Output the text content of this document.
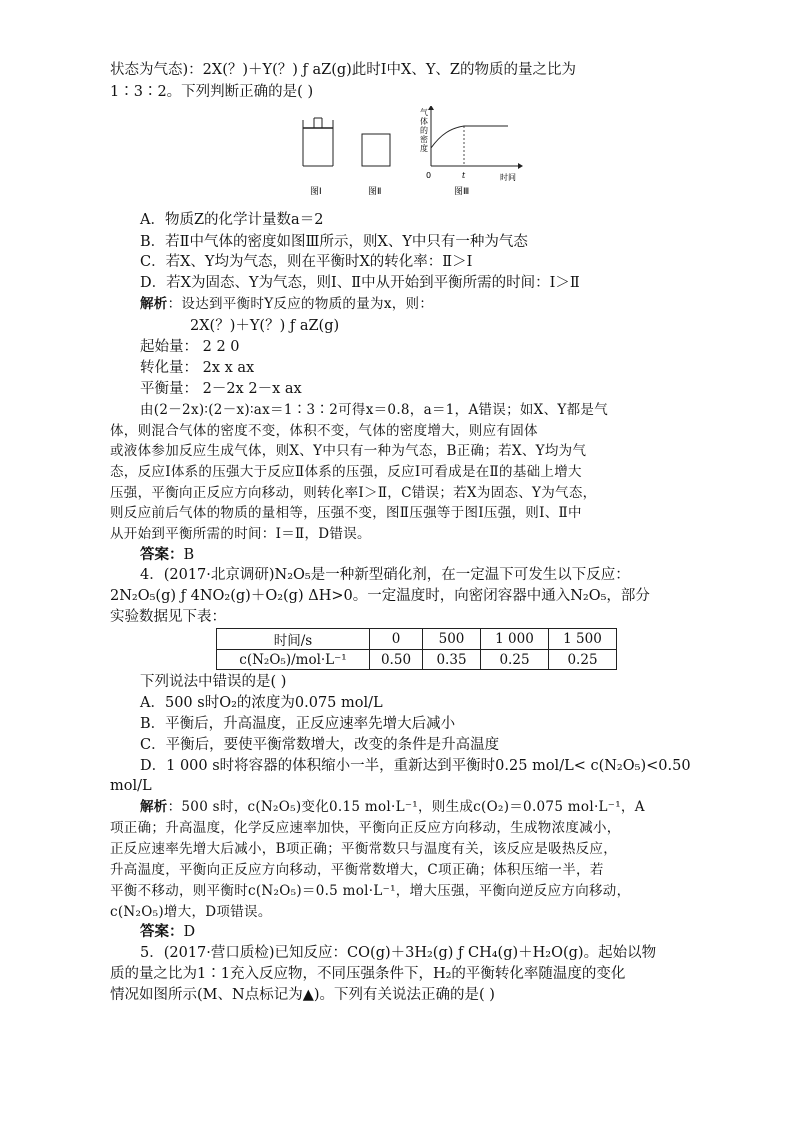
状态为气态)：2X(？)＋Y(？) ƒ aZ(g)此时Ⅰ中X、Y、Z的物质的量之比为
1∶3∶2。下列判断正确的是( )
图Ⅰ	图Ⅱ
0	t	时间
气
体
的
密
度
图Ⅲ
A．物质Z的化学计量数a＝2
B．若Ⅱ中气体的密度如图Ⅲ所示，则X、Y中只有一种为气态
C．若X、Y均为气态，则在平衡时X的转化率：Ⅱ＞Ⅰ
D．若X为固态、Y为气态，则Ⅰ、Ⅱ中从开始到平衡所需的时间：Ⅰ＞Ⅱ
解析：设达到平衡时Y反应的物质的量为x，则：
2X(？)＋Y(？) ƒ aZ(g)
起始量： 2 2 0
转化量： 2x x ax
平衡量： 2－2x 2－x ax
由(2－2x)∶(2－x)∶ax＝1∶3∶2可得x＝0.8，a＝1，A错误；如X、Y都是气
体，则混合气体的密度不变，体积不变，气体的密度增大，则应有固体
或液体参加反应生成气体，则X、Y中只有一种为气态，B正确；若X、Y均为气
态，反应Ⅰ体系的压强大于反应Ⅱ体系的压强，反应Ⅰ可看成是在Ⅱ的基础上增大
压强，平衡向正反应方向移动，则转化率Ⅰ＞Ⅱ，C错误；若X为固态、Y为气态，
则反应前后气体的物质的量相等，压强不变，图Ⅱ压强等于图Ⅰ压强，则Ⅰ、Ⅱ中
从开始到平衡所需的时间：Ⅰ＝Ⅱ，D错误。
答案：B
4．(2017·北京调研)N₂O₅是一种新型硝化剂，在一定温下可发生以下反应：
2N₂O₅(g) ƒ 4NO₂(g)＋O₂(g) ΔH>0。一定温度时，向密闭容器中通入N₂O₅，部分
实验数据见下表：
时间/s	0	500	1 000	1 500
c(N₂O₅)/mol·L⁻¹	0.50	0.35	0.25	0.25
下列说法中错误的是( )
A．500 s时O₂的浓度为0.075 mol/L
B．平衡后，升高温度，正反应速率先增大后减小
C．平衡后，要使平衡常数增大，改变的条件是升高温度
D．1 000 s时将容器的体积缩小一半，重新达到平衡时0.25 mol/L< c(N₂O₅)<0.50
mol/L
解析：500 s时，c(N₂O₅)变化0.15 mol·L⁻¹，则生成c(O₂)＝0.075 mol·L⁻¹，A
项正确；升高温度，化学反应速率加快，平衡向正反应方向移动，生成物浓度减小，
正反应速率先增大后减小，B项正确；平衡常数只与温度有关，该反应是吸热反应，
升高温度，平衡向正反应方向移动，平衡常数增大，C项正确；体积压缩一半，若
平衡不移动，则平衡时c(N₂O₅)＝0.5 mol·L⁻¹，增大压强，平衡向逆反应方向移动，
c(N₂O₅)增大，D项错误。
答案：D
5．(2017·营口质检)已知反应：CO(g)＋3H₂(g) ƒ CH₄(g)＋H₂O(g)。起始以物
质的量之比为1∶1充入反应物，不同压强条件下，H₂的平衡转化率随温度的变化
情况如图所示(M、N点标记为▲)。下列有关说法正确的是( )
